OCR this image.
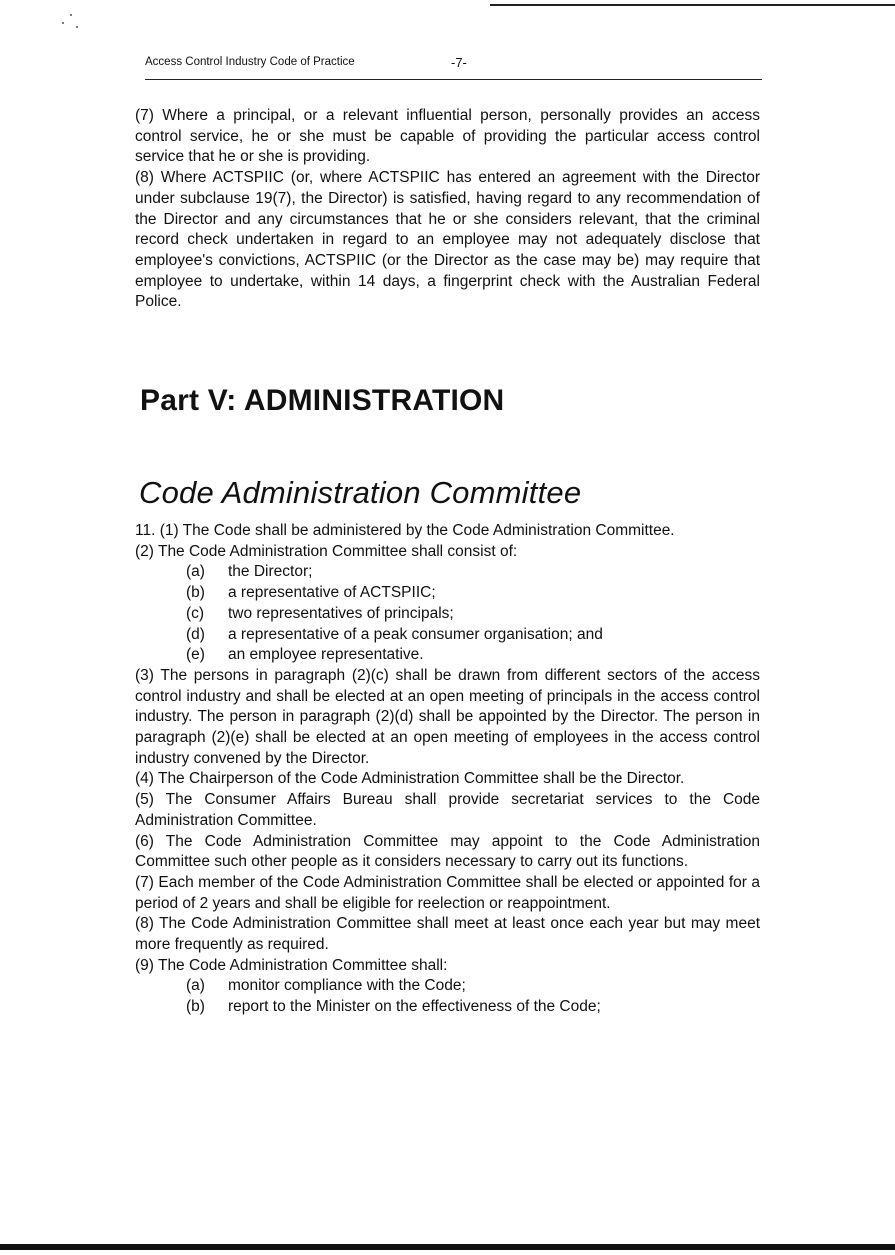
Access Control Industry Code of Practice	-7-

(7) Where a principal, or a relevant influential person, personally provides an access control service, he or she must be capable of providing the particular access control service that he or she is providing.

(8) Where ACTSPIIC (or, where ACTSPIIC has entered an agreement with the Director under subclause 19(7), the Director) is satisfied, having regard to any recommendation of the Director and any circumstances that he or she considers relevant, that the criminal record check undertaken in regard to an employee may not adequately disclose that employee's convictions, ACTSPIIC (or the Director as the case may be) may require that employee to undertake, within 14 days, a fingerprint check with the Australian Federal Police.

Part V: ADMINISTRATION
Code Administration Committee

11. (1) The Code shall be administered by the Code Administration Committee.

(2) The Code Administration Committee shall consist of:

(a)	the Director;
(b)	a representative of ACTSPIIC;
(c)	two representatives of principals;
(d)	a representative of a peak consumer organisation; and
(e)	an employee representative.

(3) The persons in paragraph (2)(c) shall be drawn from different sectors of the access control industry and shall be elected at an open meeting of principals in the access control industry. The person in paragraph (2)(d) shall be appointed by the Director. The person in paragraph (2)(e) shall be elected at an open meeting of employees in the access control industry convened by the Director.

(4) The Chairperson of the Code Administration Committee shall be the Director.

(5) The Consumer Affairs Bureau shall provide secretariat services to the Code Administration Committee.

(6) The Code Administration Committee may appoint to the Code Administration Committee such other people as it considers necessary to carry out its functions.

(7) Each member of the Code Administration Committee shall be elected or appointed for a period of 2 years and shall be eligible for reelection or reappointment.

(8) The Code Administration Committee shall meet at least once each year but may meet more frequently as required.

(9) The Code Administration Committee shall:

(a)	monitor compliance with the Code;
(b)	report to the Minister on the effectiveness of the Code;
